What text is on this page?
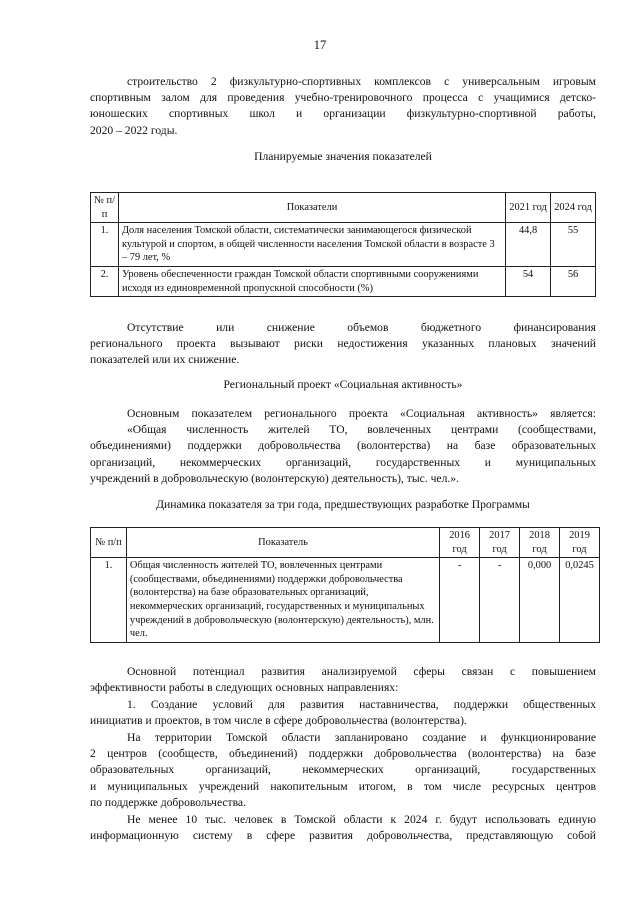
17
строительство 2 физкультурно-спортивных комплексов с универсальным игровым
спортивным залом для проведения учебно-тренировочного процесса с учащимися детско-
юношеских спортивных школ и организации физкультурно-спортивной работы,
2020 – 2022 годы.
Планируемые значения показателей
№ п/п	Показатели	2021 год	2024 год
1.	Доля населения Томской области, систематически занимающегося физической культурой и спортом, в общей численности населения Томской области в возрасте 3 – 79 лет, %	44,8	55
2.	Уровень обеспеченности граждан Томской области спортивными сооружениями исходя из единовременной пропускной способности (%)	54	56
Отсутствие или снижение объемов бюджетного финансирования
регионального проекта вызывают риски недостижения указанных плановых значений
показателей или их снижение.
Региональный проект «Социальная активность»
Основным показателем регионального проекта «Социальная активность» является:
«Общая численность жителей ТО, вовлеченных центрами (сообществами,
объединениями) поддержки добровольчества (волонтерства) на базе образовательных
организаций, некоммерческих организаций, государственных и муниципальных
учреждений в добровольческую (волонтерскую) деятельность), тыс. чел.».
Динамика показателя за три года, предшествующих разработке Программы
№ п/п	Показатель	2016 год	2017 год	2018 год	2019 год
1.	Общая численность жителей ТО, вовлеченных центрами (сообществами, объединениями) поддержки добровольчества (волонтерства) на базе образовательных организаций, некоммерческих организаций, государственных и муниципальных учреждений в добровольческую (волонтерскую) деятельность), млн. чел.	-	-	0,000	0,0245
Основной потенциал развития анализируемой сферы связан с повышением
эффективности работы в следующих основных направлениях:
1. Создание условий для развития наставничества, поддержки общественных
инициатив и проектов, в том числе в сфере добровольчества (волонтерства).
На территории Томской области запланировано создание и функционирование
2 центров (сообществ, объединений) поддержки добровольчества (волонтерства) на базе
образовательных организаций, некоммерческих организаций, государственных
и муниципальных учреждений накопительным итогом, в том числе ресурсных центров
по поддержке добровольчества.
Не менее 10 тыс. человек в Томской области к 2024 г. будут использовать единую
информационную систему в сфере развития добровольчества, представляющую собой
